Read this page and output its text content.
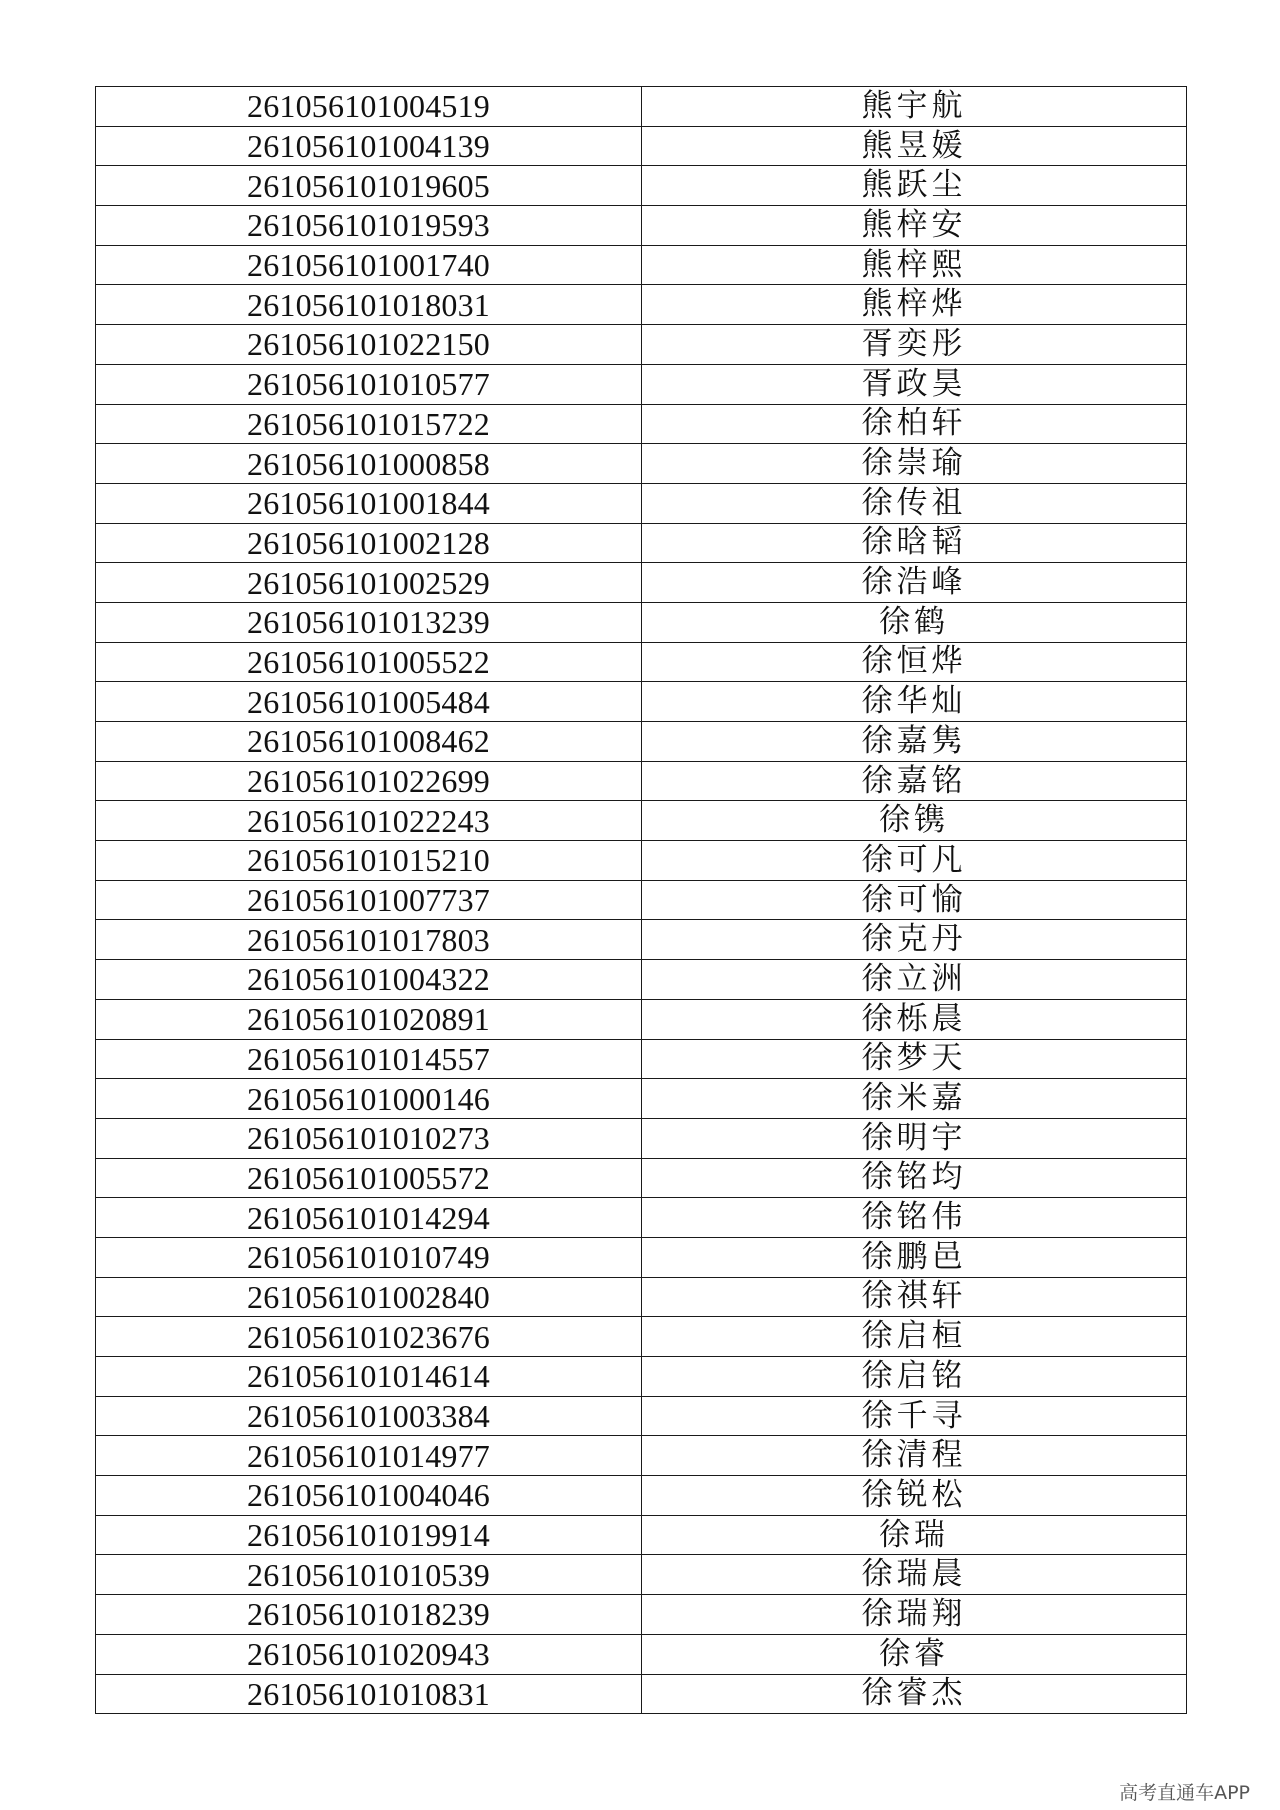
261056101004519	熊宇航
261056101004139	熊昱媛
261056101019605	熊跃尘
261056101019593	熊梓安
261056101001740	熊梓熙
261056101018031	熊梓烨
261056101022150	胥奕彤
261056101010577	胥政昊
261056101015722	徐柏轩
261056101000858	徐崇瑜
261056101001844	徐传祖
261056101002128	徐晗韬
261056101002529	徐浩峰
261056101013239	徐鹤
261056101005522	徐恒烨
261056101005484	徐华灿
261056101008462	徐嘉隽
261056101022699	徐嘉铭
261056101022243	徐镌
261056101015210	徐可凡
261056101007737	徐可愉
261056101017803	徐克丹
261056101004322	徐立洲
261056101020891	徐栎晨
261056101014557	徐梦天
261056101000146	徐米嘉
261056101010273	徐明宇
261056101005572	徐铭均
261056101014294	徐铭伟
261056101010749	徐鹏邑
261056101002840	徐祺轩
261056101023676	徐启桓
261056101014614	徐启铭
261056101003384	徐千寻
261056101014977	徐清程
261056101004046	徐锐松
261056101019914	徐瑞
261056101010539	徐瑞晨
261056101018239	徐瑞翔
261056101020943	徐睿
261056101010831	徐睿杰
高考直通车APP
